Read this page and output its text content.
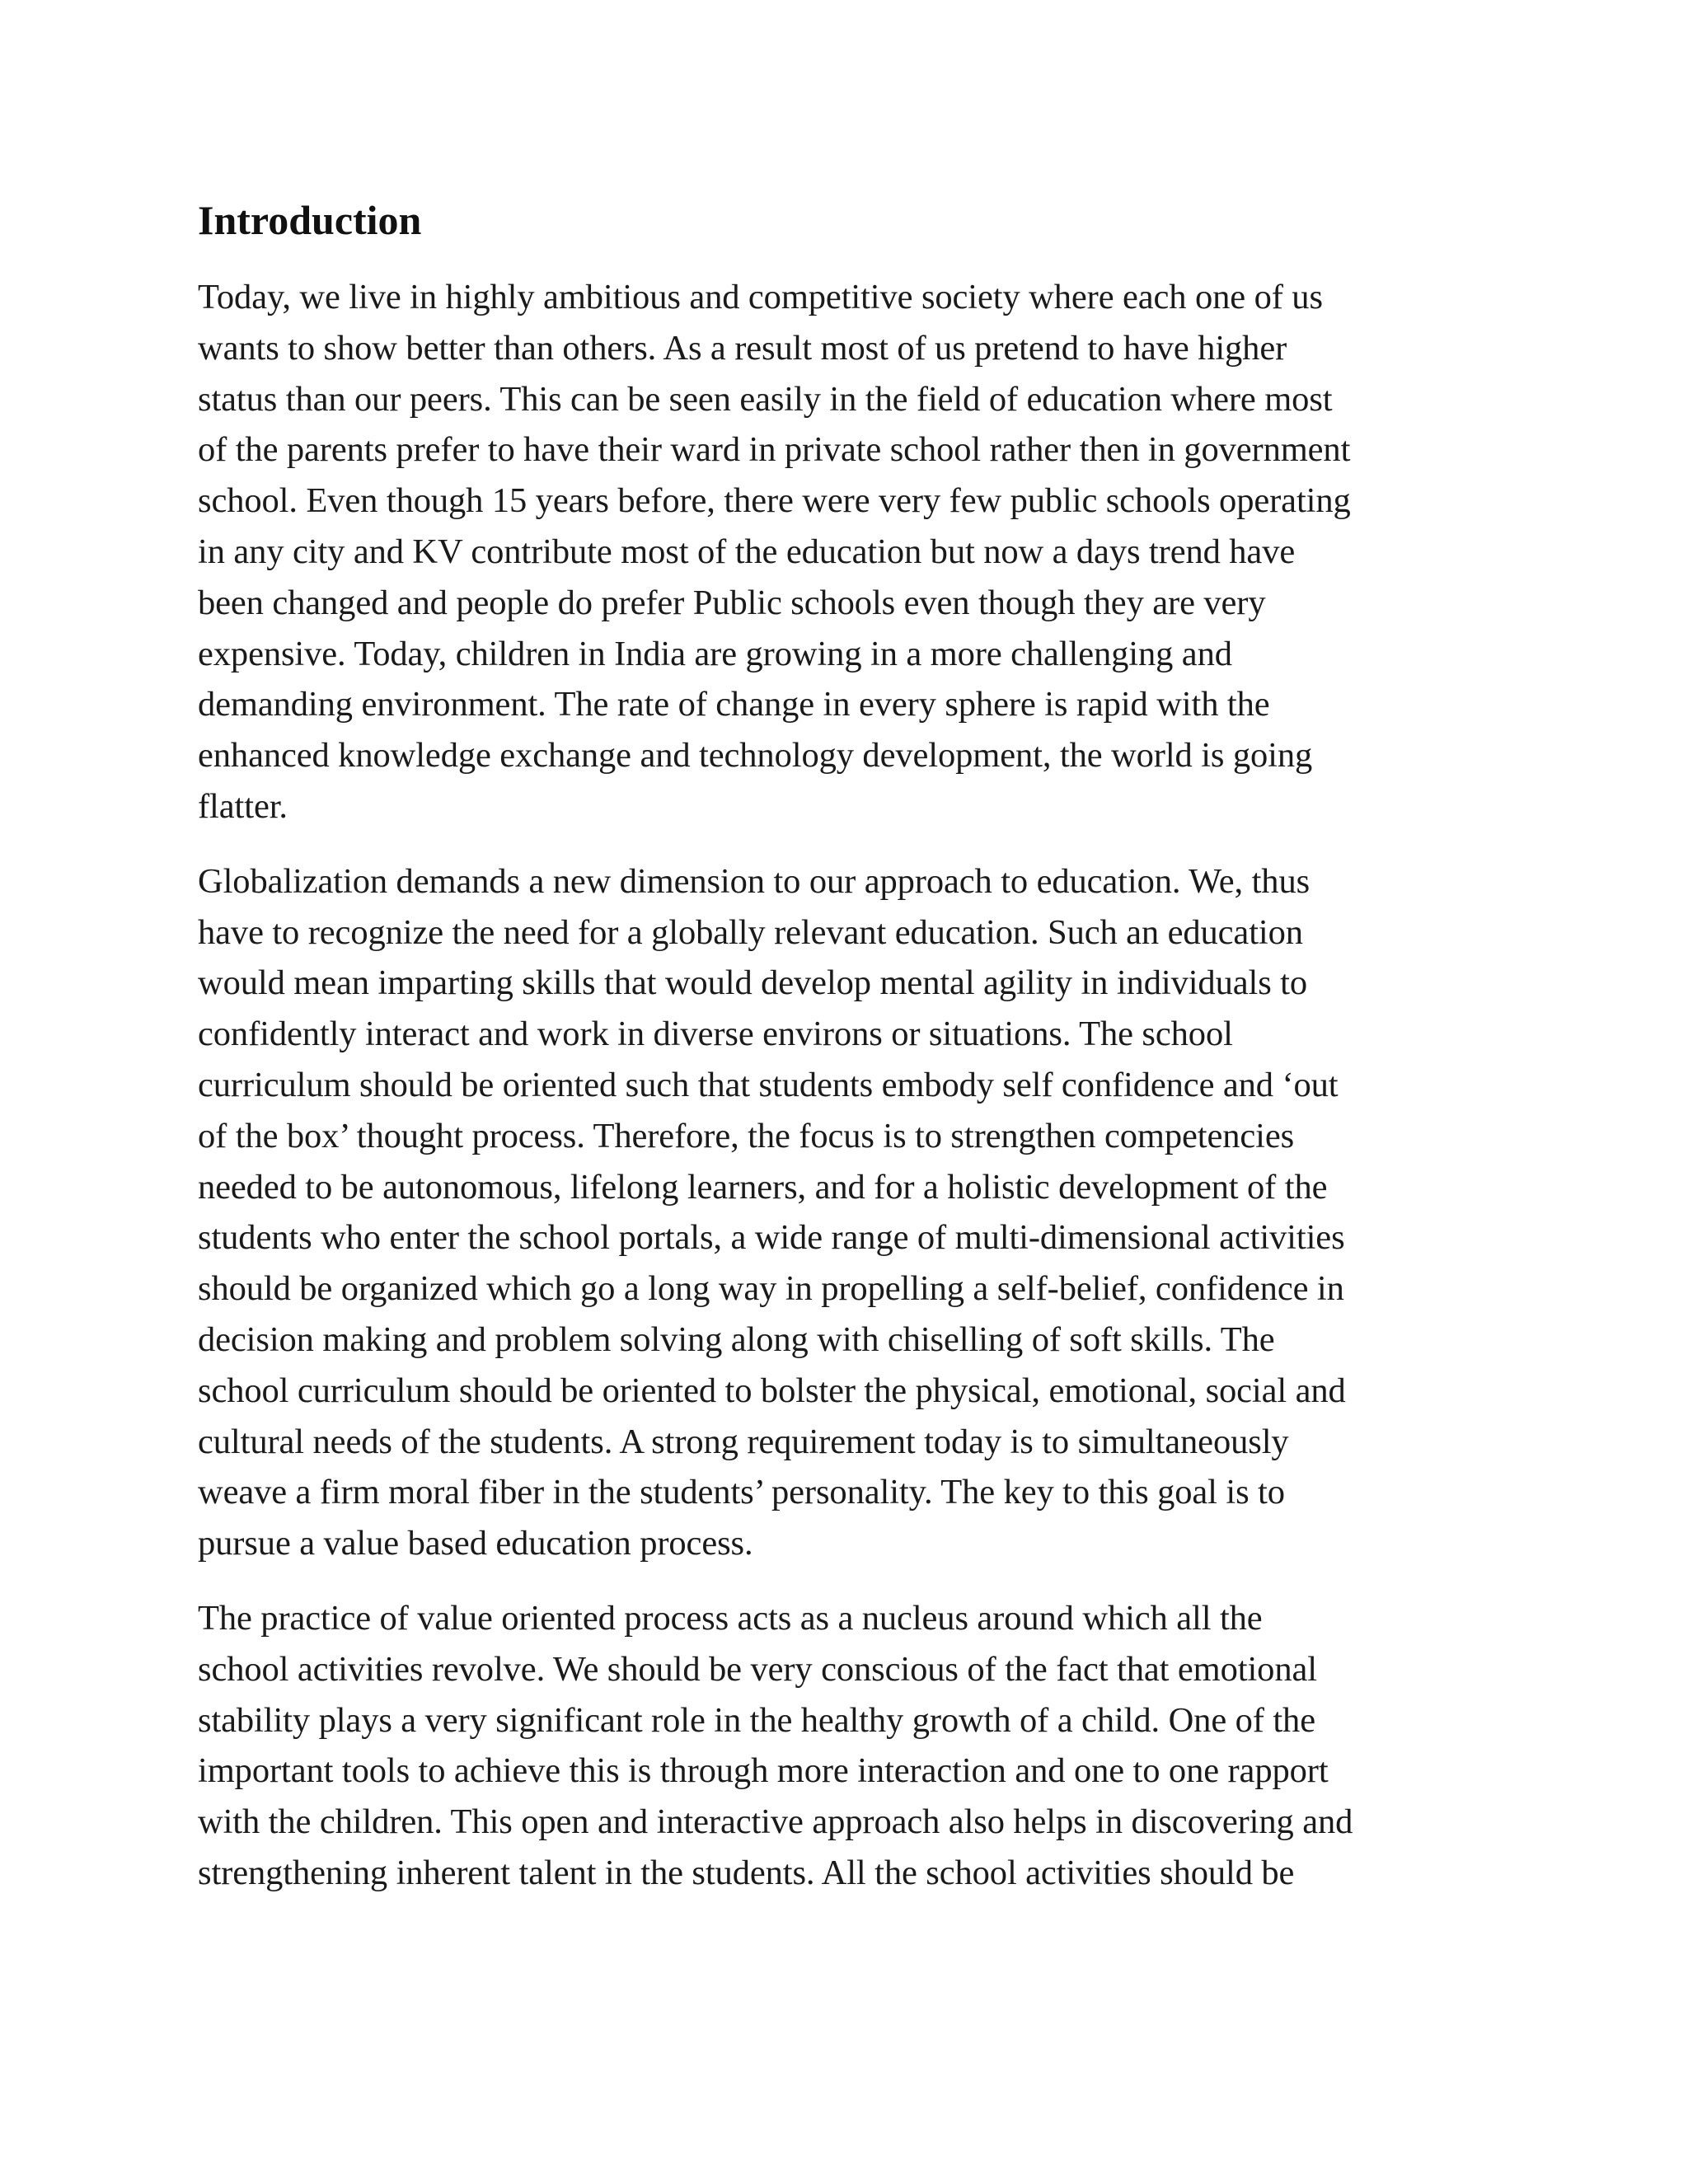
Introduction

Today, we live in highly ambitious and competitive society where each one of us
wants to show better than others. As a result most of us pretend to have higher
status than our peers. This can be seen easily in the field of education where most
of the parents prefer to have their ward in private school rather then in government
school. Even though 15 years before, there were very few public schools operating
in any city and KV contribute most of the education but now a days trend have
been changed and people do prefer Public schools even though they are very
expensive. Today, children in India are growing in a more challenging and
demanding environment. The rate of change in every sphere is rapid with the
enhanced knowledge exchange and technology development, the world is going
flatter.

Globalization demands a new dimension to our approach to education. We, thus
have to recognize the need for a globally relevant education. Such an education
would mean imparting skills that would develop mental agility in individuals to
confidently interact and work in diverse environs or situations. The school
curriculum should be oriented such that students embody self confidence and ‘out
of the box’ thought process. Therefore, the focus is to strengthen competencies
needed to be autonomous, lifelong learners, and for a holistic development of the
students who enter the school portals, a wide range of multi-dimensional activities
should be organized which go a long way in propelling a self-belief, confidence in
decision making and problem solving along with chiselling of soft skills. The
school curriculum should be oriented to bolster the physical, emotional, social and
cultural needs of the students. A strong requirement today is to simultaneously
weave a firm moral fiber in the students’ personality. The key to this goal is to
pursue a value based education process.

The practice of value oriented process acts as a nucleus around which all the
school activities revolve. We should be very conscious of the fact that emotional
stability plays a very significant role in the healthy growth of a child. One of the
important tools to achieve this is through more interaction and one to one rapport
with the children. This open and interactive approach also helps in discovering and
strengthening inherent talent in the students. All the school activities should be
